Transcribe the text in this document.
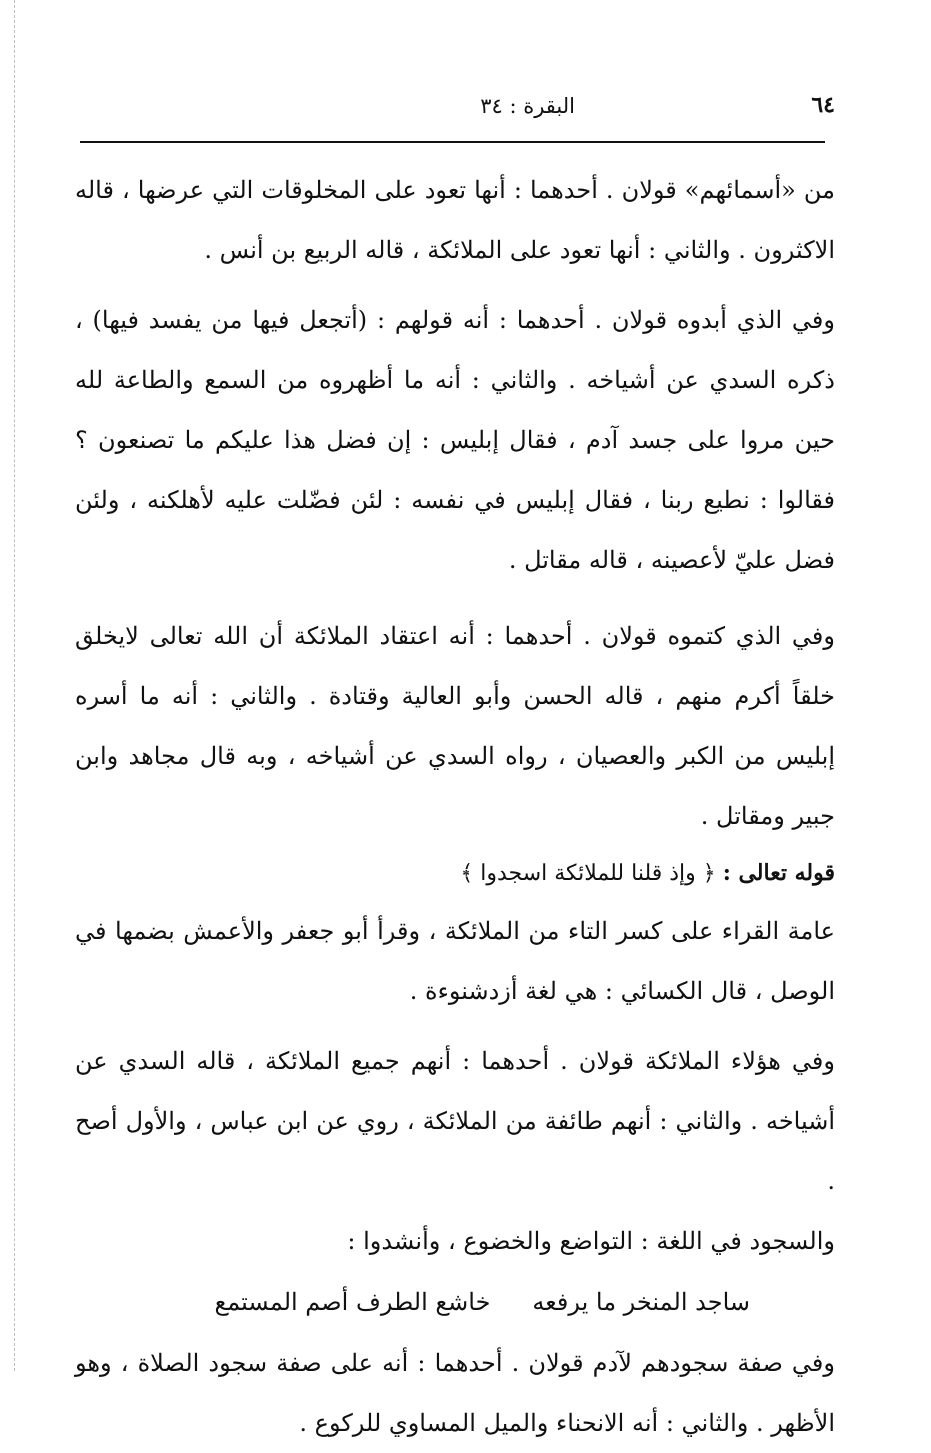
٦٤
البقرة : ٣٤

من «أسمائهم» قولان . أحدهما : أنها تعود على المخلوقات التي عرضها ، قاله الاكثرون . والثاني : أنها تعود على الملائكة ، قاله الربيع بن أنس .

وفي الذي أبدوه قولان . أحدهما : أنه قولهم : (أتجعل فيها من يفسد فيها) ، ذكره السدي عن أشياخه . والثاني : أنه ما أظهروه من السمع والطاعة لله حين مروا على جسد آدم ، فقال إبليس : إن فضل هذا عليكم ما تصنعون ؟ فقالوا : نطيع ربنا ، فقال إبليس في نفسه : لئن فضّلت عليه لأهلكنه ، ولئن فضل عليّ لأعصينه ، قاله مقاتل .

وفي الذي كتموه قولان . أحدهما : أنه اعتقاد الملائكة أن الله تعالى لايخلق خلقاً أكرم منهم ، قاله الحسن وأبو العالية وقتادة . والثاني : أنه ما أسره إبليس من الكبر والعصيان ، رواه السدي عن أشياخه ، وبه قال مجاهد وابن جبير ومقاتل .

قوله تعالى : ﴿ وإذ قلنا للملائكة اسجدوا ﴾

عامة القراء على كسر التاء من الملائكة ، وقرأ أبو جعفر والأعمش بضمها في الوصل ، قال الكسائي : هي لغة أزدشنوءة .

وفي هؤلاء الملائكة قولان . أحدهما : أنهم جميع الملائكة ، قاله السدي عن أشياخه . والثاني : أنهم طائفة من الملائكة ، روي عن ابن عباس ، والأول أصح .

والسجود في اللغة : التواضع والخضوع ، وأنشدوا :

ساجد المنخر ما يرفعهخاشع الطرف أصم المستمع

وفي صفة سجودهم لآدم قولان . أحدهما : أنه على صفة سجود الصلاة ، وهو الأظهر . والثاني : أنه الانحناء والميل المساوي للركوع .
